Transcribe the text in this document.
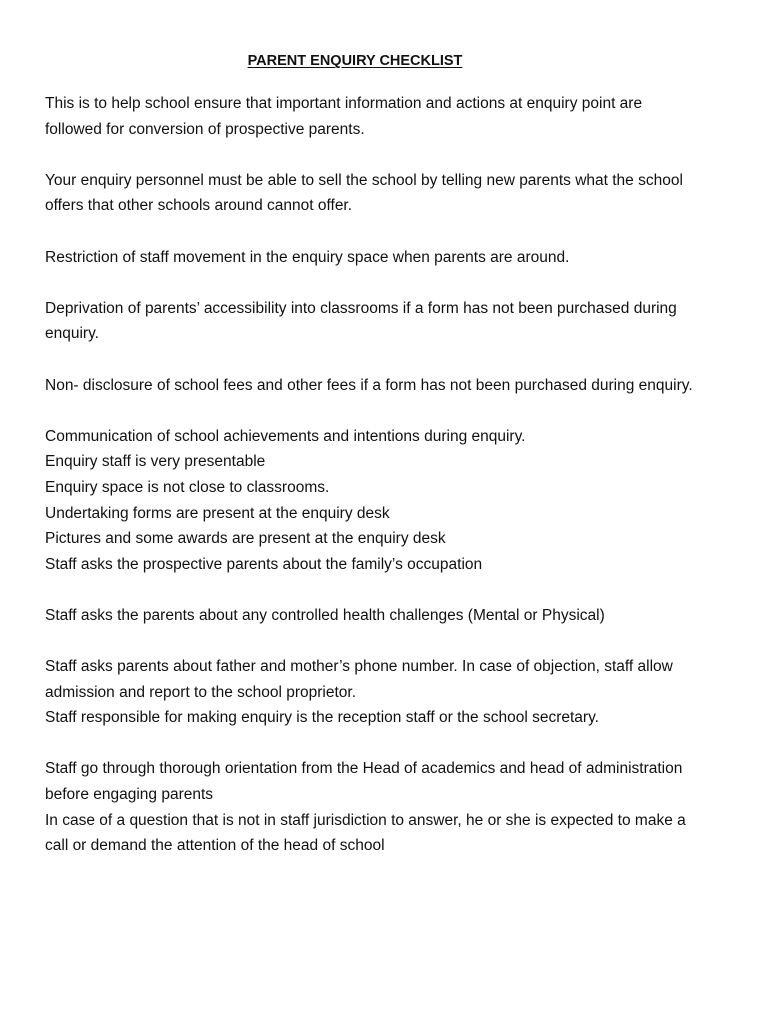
PARENT ENQUIRY CHECKLIST

This is to help school ensure that important information and actions at enquiry point are

followed for conversion of prospective parents.

Your enquiry personnel must be able to sell the school by telling new parents what the school

offers that other schools around cannot offer.

Restriction of staff movement in the enquiry space when parents are around.

Deprivation of parents’ accessibility into classrooms if a form has not been purchased during

enquiry.

Non- disclosure of school fees and other fees if a form has not been purchased during enquiry.

Communication of school achievements and intentions during enquiry.

Enquiry staff is very presentable

Enquiry space is not close to classrooms.

Undertaking forms are present at the enquiry desk

Pictures and some awards are present at the enquiry desk

Staff asks the prospective parents about the family’s occupation

Staff asks the parents about any controlled health challenges (Mental or Physical)

Staff asks parents about father and mother’s phone number. In case of objection, staff allow

admission and report to the school proprietor.

Staff responsible for making enquiry is the reception staff or the school secretary.

Staff go through thorough orientation from the Head of academics and head of administration

before engaging parents

In case of a question that is not in staff jurisdiction to answer, he or she is expected to make a

call or demand the attention of the head of school
